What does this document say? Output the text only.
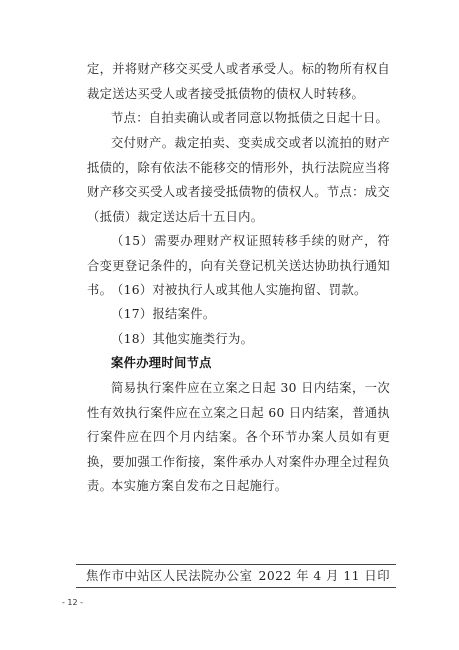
定，并将财产移交买受人或者承受人。标的物所有权自裁定送达买受人或者接受抵债物的债权人时转移。

节点：自拍卖确认或者同意以物抵债之日起十日。

交付财产。裁定拍卖、变卖成交或者以流拍的财产抵债的，除有依法不能移交的情形外，执行法院应当将财产移交买受人或者接受抵债物的债权人。节点：成交（抵债）裁定送达后十五日内。

（15）需要办理财产权证照转移手续的财产，符合变更登记条件的，向有关登记机关送达协助执行通知书。

（16）对被执行人或其他人实施拘留、罚款。

（17）报结案件。

（18）其他实施类行为。

案件办理时间节点

简易执行案件应在立案之日起 30 日内结案，一次性有效执行案件应在立案之日起 60 日内结案，普通执行案件应在四个月内结案。各个环节办案人员如有更换，要加强工作衔接，案件承办人对案件办理全过程负责。

本实施方案自发布之日起施行。

焦作市中站区人民法院办公室 2022 年 4 月 11 日印
- 12 -
